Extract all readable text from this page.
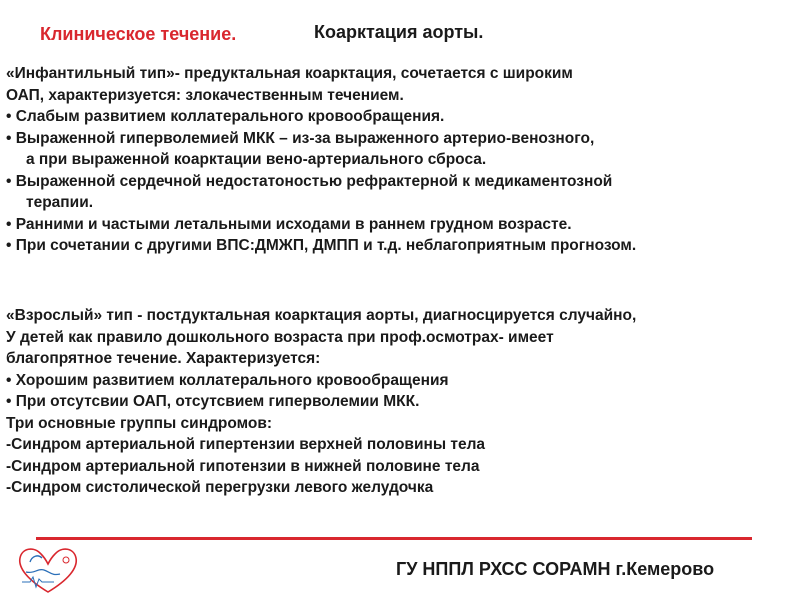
Клиническое течение.	Коарктация аорты.
«Инфантильный тип»- предуктальная коарктация, сочетается с широким
ОАП, характеризуется: злокачественным течением.
• Слабым развитием коллатерального кровообращения.
• Выраженной гиперволемией МКК – из-за выраженного артерио-венозного,
а при выраженной коарктации вено-артериального сброса.
• Выраженной сердечной недостатоностью рефрактерной к медикаментозной
терапии.
• Ранними и частыми летальными исходами в раннем грудном возрасте.
• При сочетании с другими ВПС:ДМЖП, ДМПП и т.д. неблагоприятным прогнозом.
«Взрослый» тип - постдуктальная коарктация аорты, диагносцируется случайно,
У детей как правило дошкольного возраста при проф.осмотрах- имеет
благопрятное течение. Характеризуется:
• Хорошим развитием коллатерального кровообращения
• При отсутсвии ОАП, отсутсвием гиперволемии МКК.
Три основные группы синдромов:
-Синдром артериальной гипертензии верхней половины тела
-Синдром артериальной гипотензии в нижней половине тела
-Синдром систолической перегрузки левого желудочка
ГУ НППЛ РХСС СОРАМН г.Кемерово
